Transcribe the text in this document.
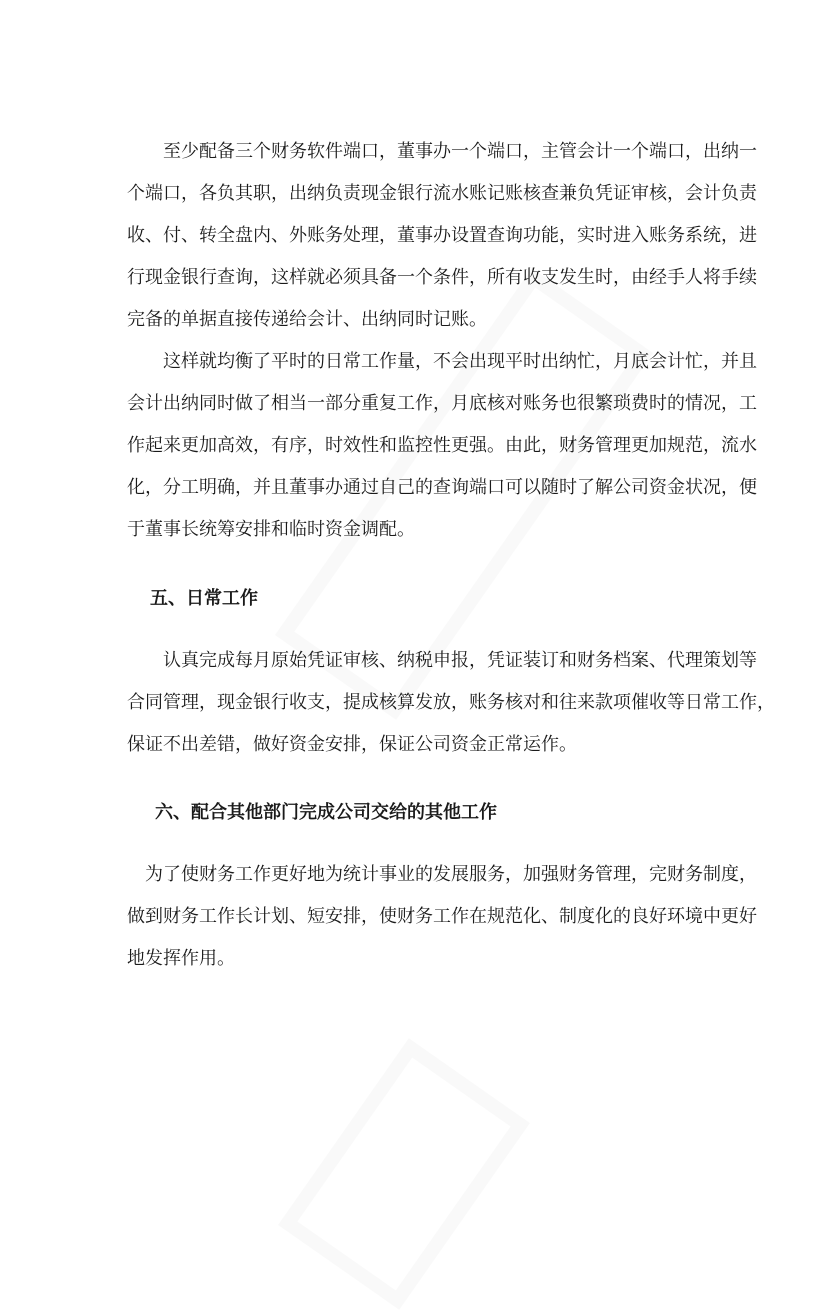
　　至少配备三个财务软件端口，董事办一个端口，主管会计一个端口，出纳一
个端口，各负其职，出纳负责现金银行流水账记账核查兼负凭证审核，会计负责
收、付、转全盘内、外账务处理，董事办设置查询功能，实时进入账务系统，进
行现金银行查询，这样就必须具备一个条件，所有收支发生时，由经手人将手续
完备的单据直接传递给会计、出纳同时记账。
　　这样就均衡了平时的日常工作量，不会出现平时出纳忙，月底会计忙，并且
会计出纳同时做了相当一部分重复工作，月底核对账务也很繁琐费时的情况，工
作起来更加高效，有序，时效性和监控性更强。由此，财务管理更加规范，流水
化，分工明确，并且董事办通过自己的查询端口可以随时了解公司资金状况，便
于董事长统筹安排和临时资金调配。
五、日常工作
　　认真完成每月原始凭证审核、纳税申报，凭证装订和财务档案、代理策划等
合同管理，现金银行收支，提成核算发放，账务核对和往来款项催收等日常工作，
保证不出差错，做好资金安排，保证公司资金正常运作。
六、配合其他部门完成公司交给的其他工作
　为了使财务工作更好地为统计事业的发展服务，加强财务管理，完财务制度，
做到财务工作长计划、短安排，使财务工作在规范化、制度化的良好环境中更好
地发挥作用。
